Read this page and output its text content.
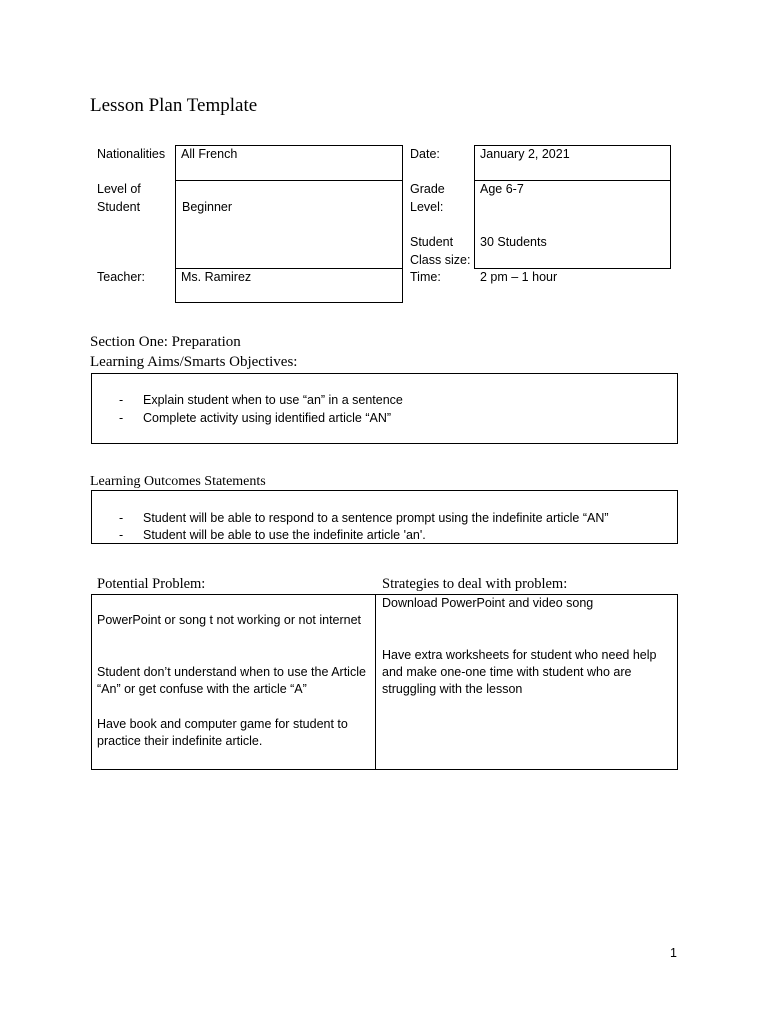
Lesson Plan Template
Nationalities
Level of
Student
Teacher:
All French
Beginner
Ms. Ramirez
Date:
Grade
Level:
Student
Class size:
Time:
January 2, 2021
Age 6-7
30 Students
2 pm – 1 hour
Section One: Preparation
Learning Aims/Smarts Objectives:
- Explain student when to use “an” in a sentence
- Complete activity using identified article “AN”
Learning Outcomes Statements
- Student will be able to respond to a sentence prompt using the indefinite article “AN”
- Student will be able to use the indefinite article 'an'.
Potential Problem:	Strategies to deal with problem:
PowerPoint or song t not working or not internet
Student don’t understand when to use the Article “An” or get confuse with the article “A”
Have book and computer game for student to practice their indefinite article.
Download PowerPoint and video song
Have extra worksheets for student who need help and make one-one time with student who are struggling with the lesson
1
